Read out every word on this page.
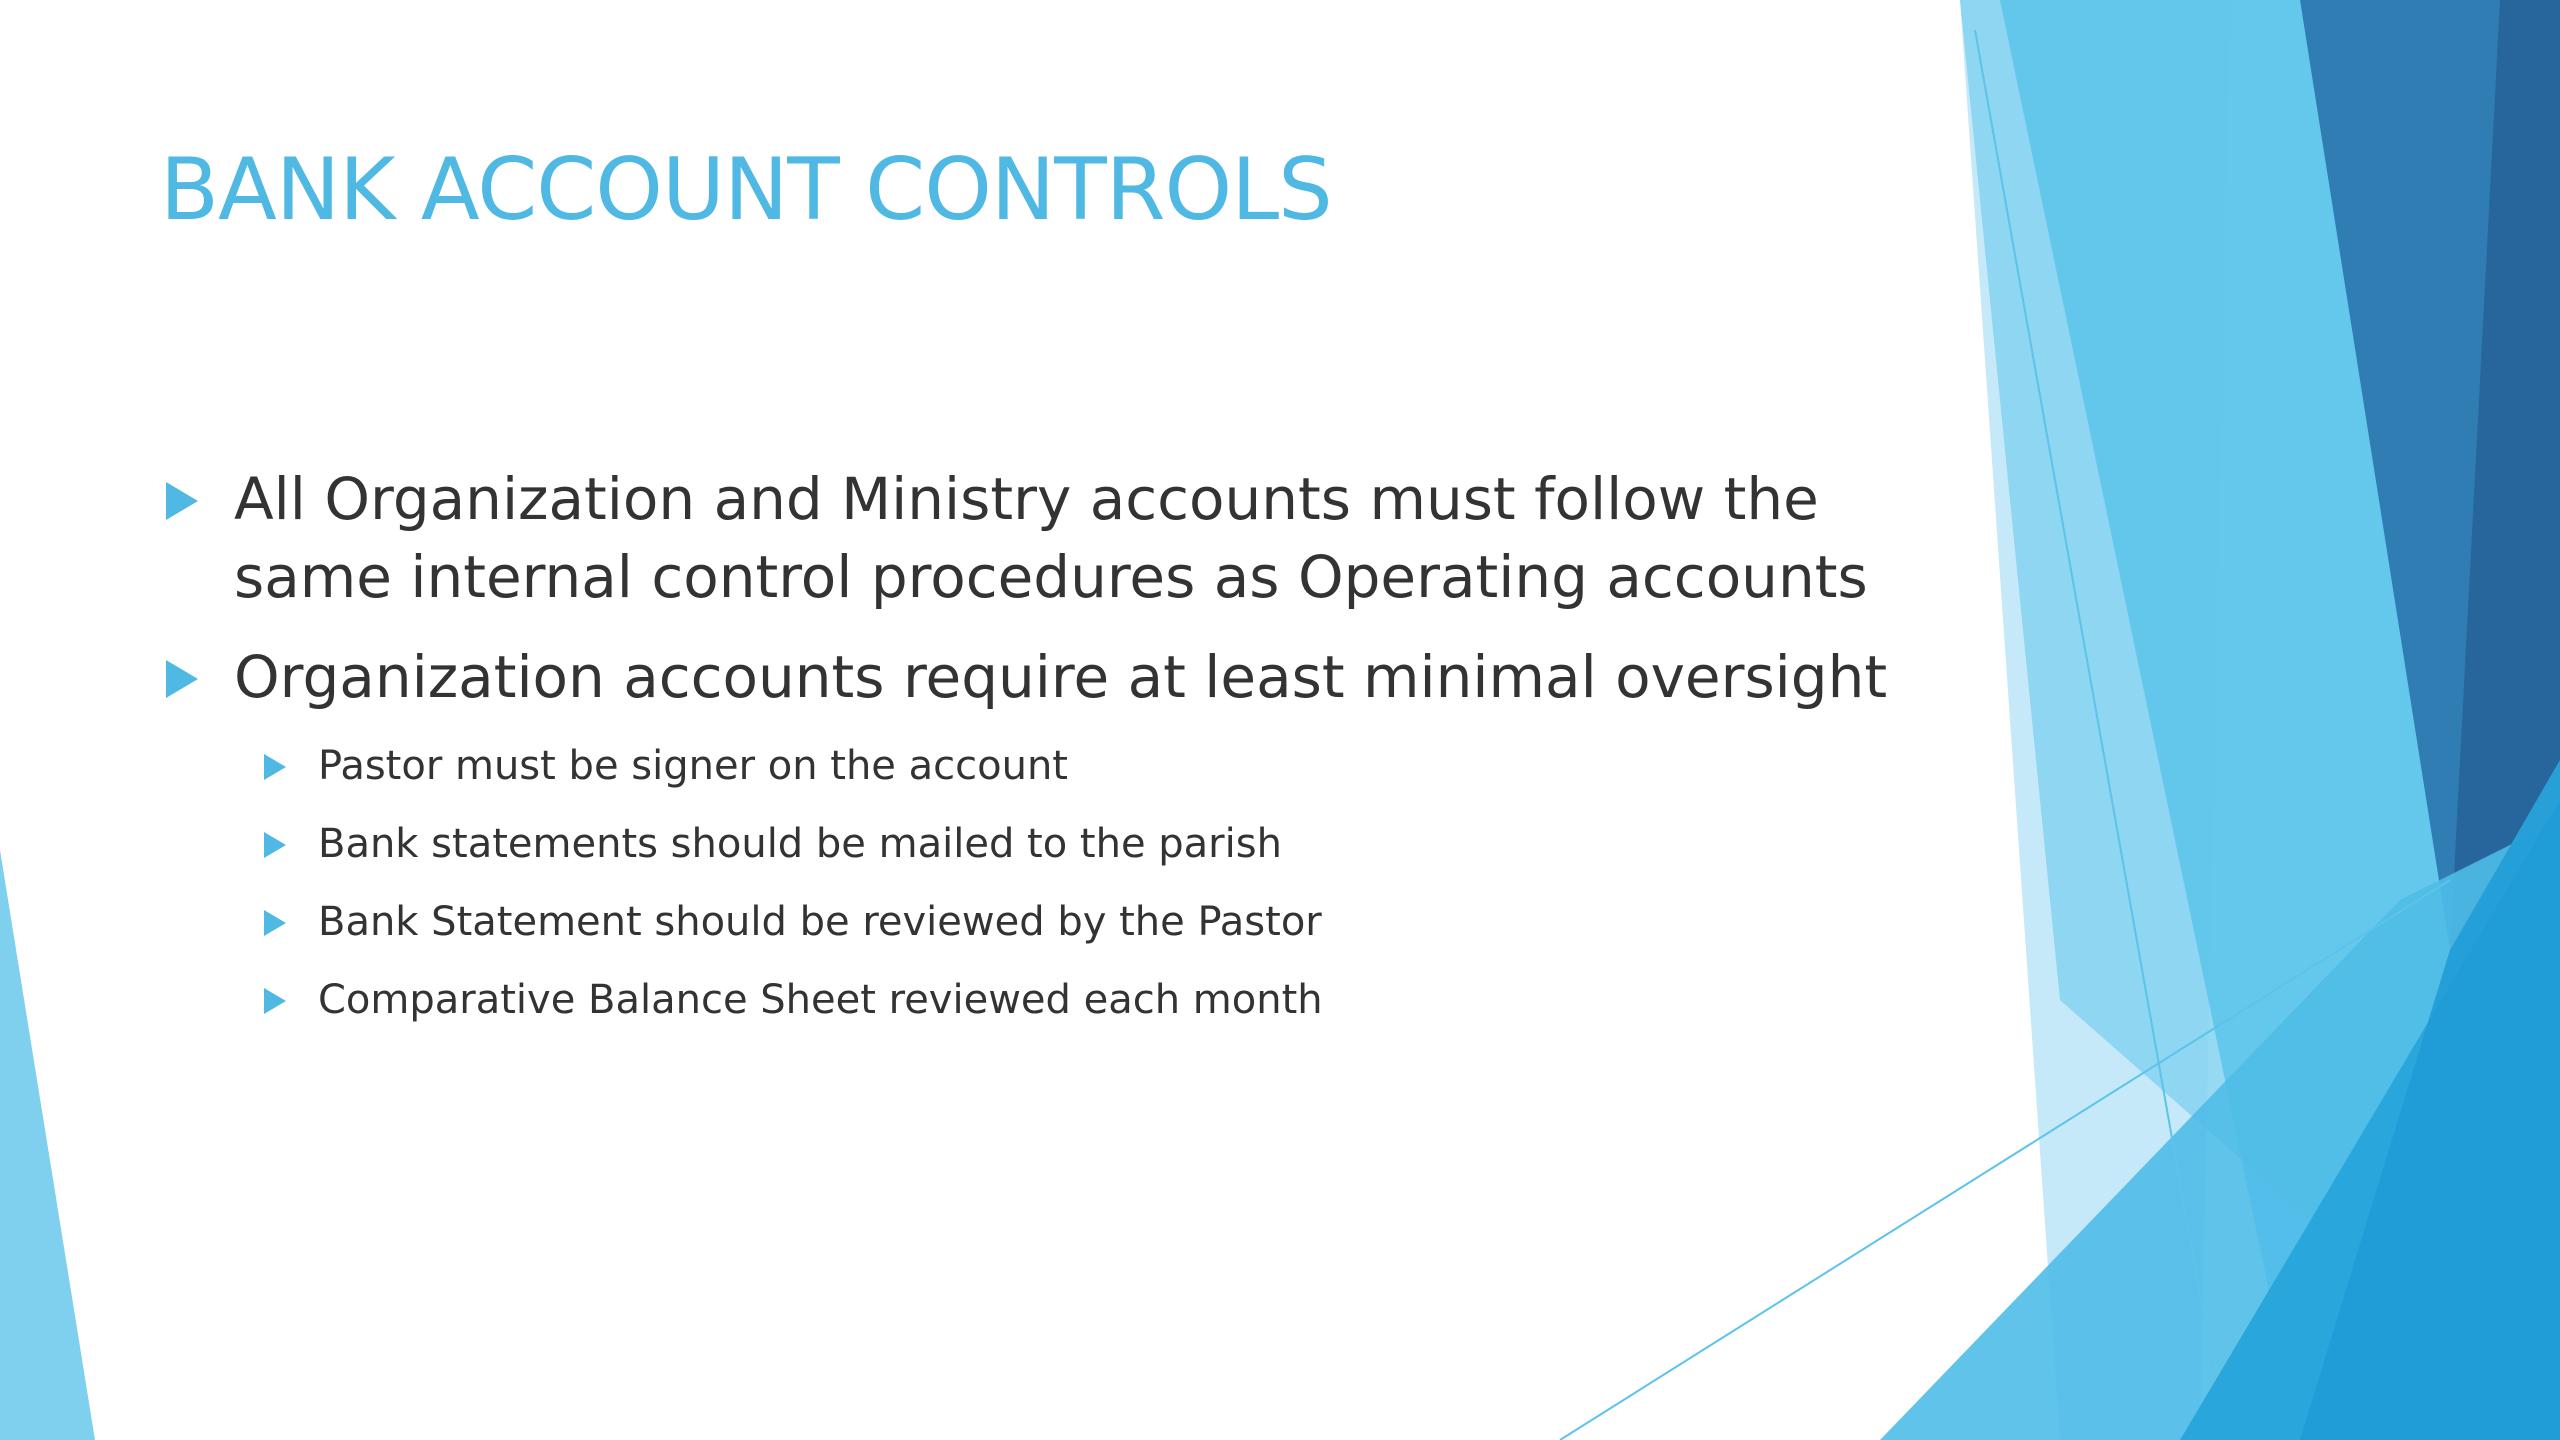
BANK ACCOUNT CONTROLS
All Organization and Ministry accounts must follow the same internal control procedures as Operating accounts
Organization accounts require at least minimal oversight
Pastor must be signer on the account
Bank statements should be mailed to the parish
Bank Statement should be reviewed by the Pastor
Comparative Balance Sheet reviewed each month
